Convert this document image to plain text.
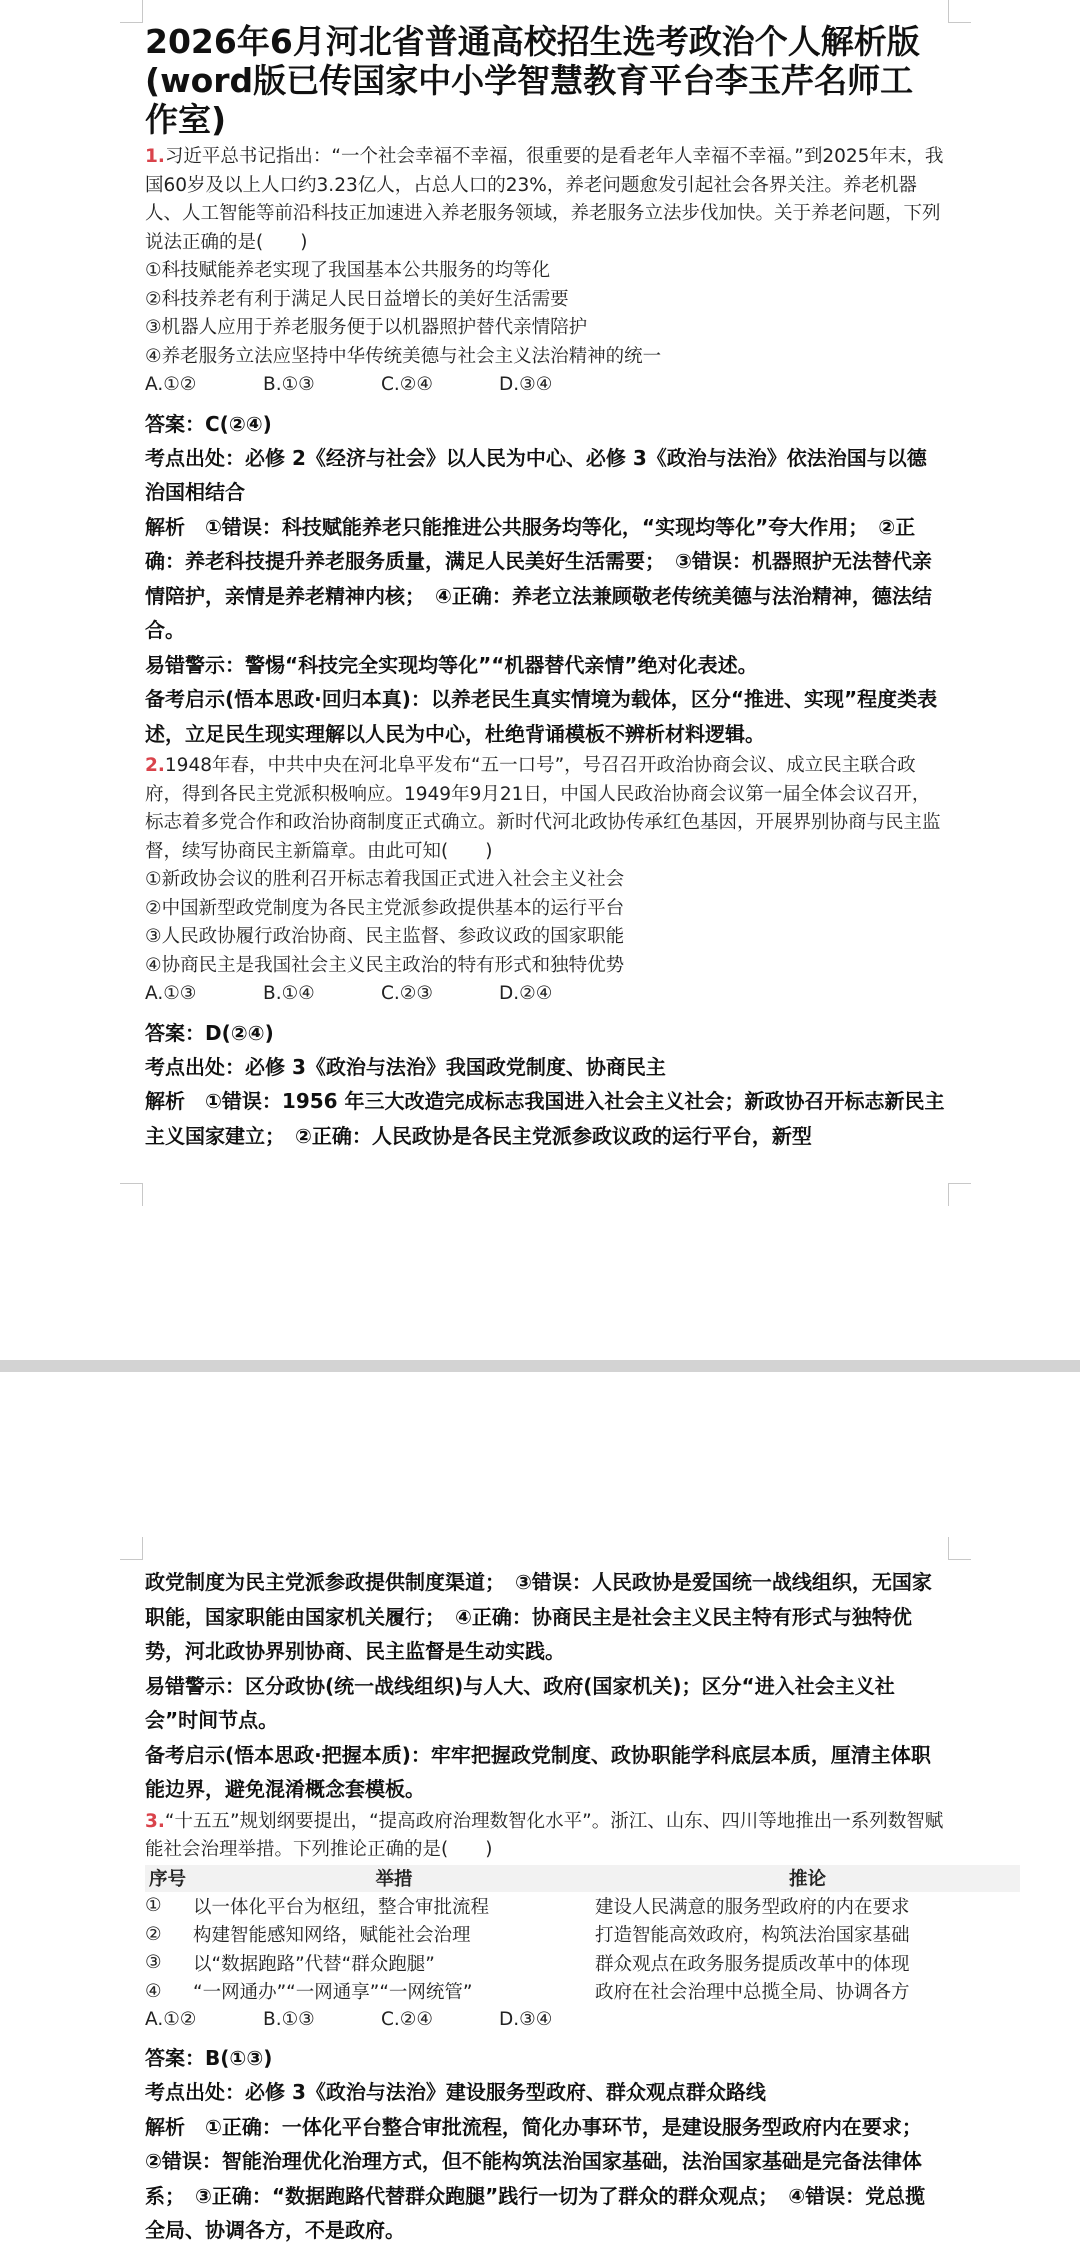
2026年6月河北省普通高校招生选考政治个人解析版(word版已传国家中小学智慧教育平台李玉芹名师工作室)

1.习近平总书记指出：“一个社会幸福不幸福，很重要的是看老年人幸福不幸福。”到2025年末，我国60岁及以上人口约3.23亿人，占总人口的23%，养老问题愈发引起社会各界关注。养老机器人、人工智能等前沿科技正加速进入养老服务领域，养老服务立法步伐加快。关于养老问题，下列说法正确的是(　　)

①科技赋能养老实现了我国基本公共服务的均等化

②科技养老有利于满足人民日益增长的美好生活需要

③机器人应用于养老服务便于以机器照护替代亲情陪护

④养老服务立法应坚持中华传统美德与社会主义法治精神的统一

A.①②	B.①③	C.②④	D.③④

答案：C(②④)

考点出处：必修 2《经济与社会》以人民为中心、必修 3《政治与法治》依法治国与以德治国相结合

解析　①错误：科技赋能养老只能推进公共服务均等化，“实现均等化”夸大作用；　②正确：养老科技提升养老服务质量，满足人民美好生活需要；　③错误：机器照护无法替代亲情陪护，亲情是养老精神内核；　④正确：养老立法兼顾敬老传统美德与法治精神，德法结合。

易错警示：警惕“科技完全实现均等化”“机器替代亲情”绝对化表述。

备考启示(悟本思政·回归本真)：以养老民生真实情境为载体，区分“推进、实现”程度类表述，立足民生现实理解以人民为中心，杜绝背诵模板不辨析材料逻辑。

2.1948年春，中共中央在河北阜平发布“五一口号”，号召召开政治协商会议、成立民主联合政府，得到各民主党派积极响应。1949年9月21日，中国人民政治协商会议第一届全体会议召开，标志着多党合作和政治协商制度正式确立。新时代河北政协传承红色基因，开展界别协商与民主监督，续写协商民主新篇章。由此可知(　　)

①新政协会议的胜利召开标志着我国正式进入社会主义社会

②中国新型政党制度为各民主党派参政提供基本的运行平台

③人民政协履行政治协商、民主监督、参政议政的国家职能

④协商民主是我国社会主义民主政治的特有形式和独特优势

A.①③	B.①④	C.②③	D.②④

答案：D(②④)

考点出处：必修 3《政治与法治》我国政党制度、协商民主

解析　①错误：1956 年三大改造完成标志我国进入社会主义社会；新政协召开标志新民主主义国家建立；　②正确：人民政协是各民主党派参政议政的运行平台，新型

政党制度为民主党派参政提供制度渠道；　③错误：人民政协是爱国统一战线组织，无国家职能，国家职能由国家机关履行；　④正确：协商民主是社会主义民主特有形式与独特优势，河北政协界别协商、民主监督是生动实践。

易错警示：区分政协(统一战线组织)与人大、政府(国家机关)；区分“进入社会主义社会”时间节点。

备考启示(悟本思政·把握本质)：牢牢把握政党制度、政协职能学科底层本质，厘清主体职能边界，避免混淆概念套模板。

3.“十五五”规划纲要提出，“提高政府治理数智化水平”。浙江、山东、四川等地推出一系列数智赋能社会治理举措。下列推论正确的是(　　)

序号	举措	推论
①	以一体化平台为枢纽，整合审批流程	建设人民满意的服务型政府的内在要求
②	构建智能感知网络，赋能社会治理	打造智能高效政府，构筑法治国家基础
③	以“数据跑路”代替“群众跑腿”	群众观点在政务服务提质改革中的体现
④	“一网通办”“一网通享”“一网统管”	政府在社会治理中总揽全局、协调各方

A.①②	B.①③	C.②④	D.③④

答案：B(①③)

考点出处：必修 3《政治与法治》建设服务型政府、群众观点群众路线

解析　①正确：一体化平台整合审批流程，简化办事环节，是建设服务型政府内在要求；　②错误：智能治理优化治理方式，但不能构筑法治国家基础，法治国家基础是完备法律体系；　③正确：“数据跑路代替群众跑腿”践行一切为了群众的群众观点；　④错误：党总揽全局、协调各方，不是政府。
